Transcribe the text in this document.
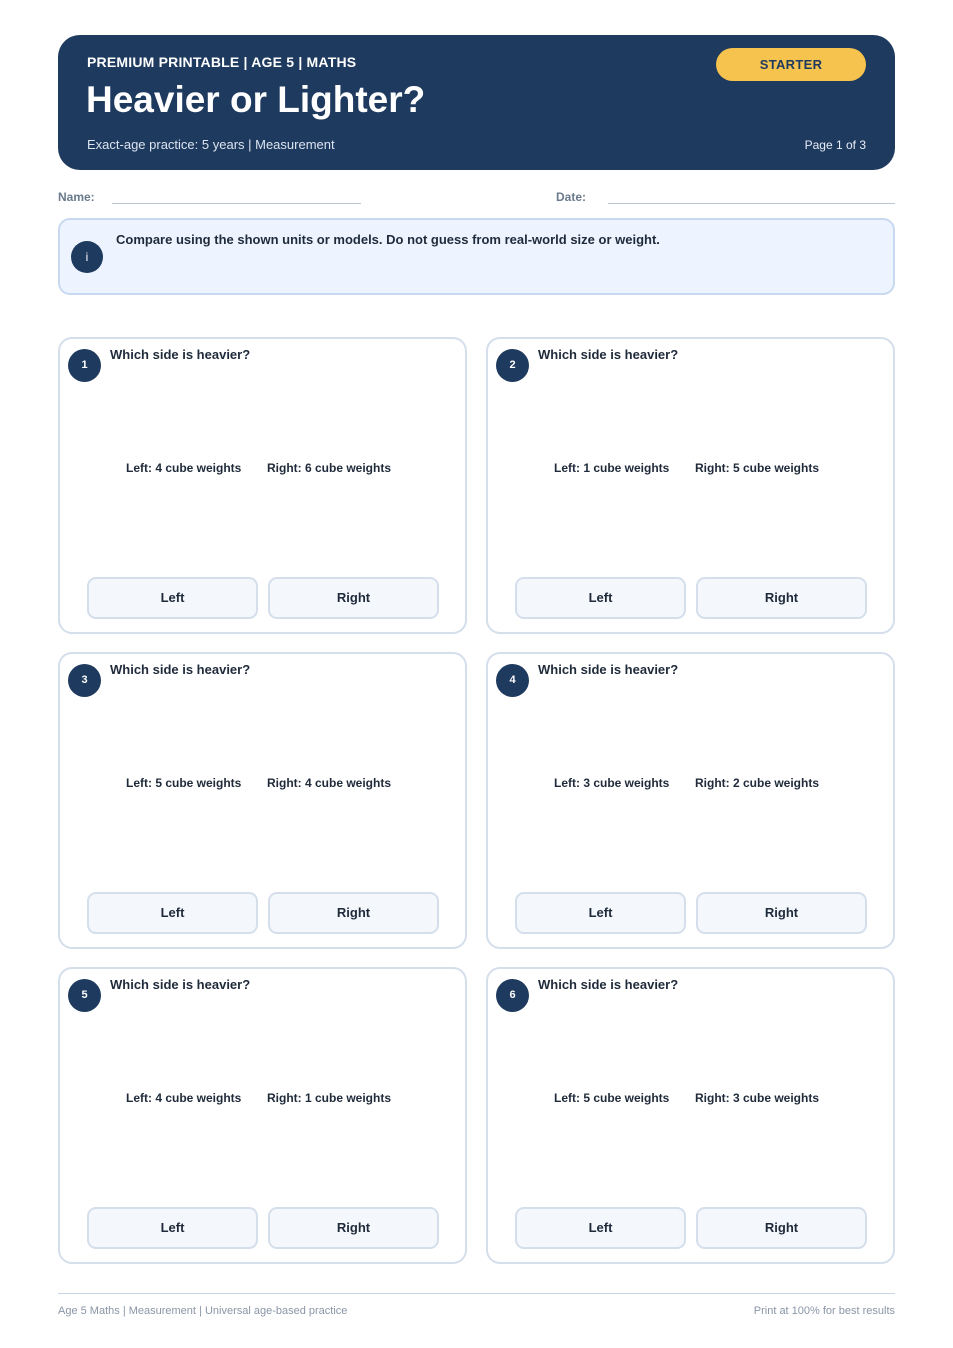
PREMIUM PRINTABLE | AGE 5 | MATHS
Heavier or Lighter?
Exact-age practice: 5 years | Measurement	Page 1 of 3
STARTER
Name:	Date:
i
Compare using the shown units or models. Do not guess from real-world size or weight.
1
Which side is heavier?
Left: 4 cube weights Right: 6 cube weights
Left	Right
2
Which side is heavier?
Left: 1 cube weights Right: 5 cube weights
Left	Right
3
Which side is heavier?
Left: 5 cube weights Right: 4 cube weights
Left	Right
4
Which side is heavier?
Left: 3 cube weights Right: 2 cube weights
Left	Right
5
Which side is heavier?
Left: 4 cube weights Right: 1 cube weights
Left	Right
6
Which side is heavier?
Left: 5 cube weights Right: 3 cube weights
Left	Right
Age 5 Maths | Measurement | Universal age-based practice	Print at 100% for best results
